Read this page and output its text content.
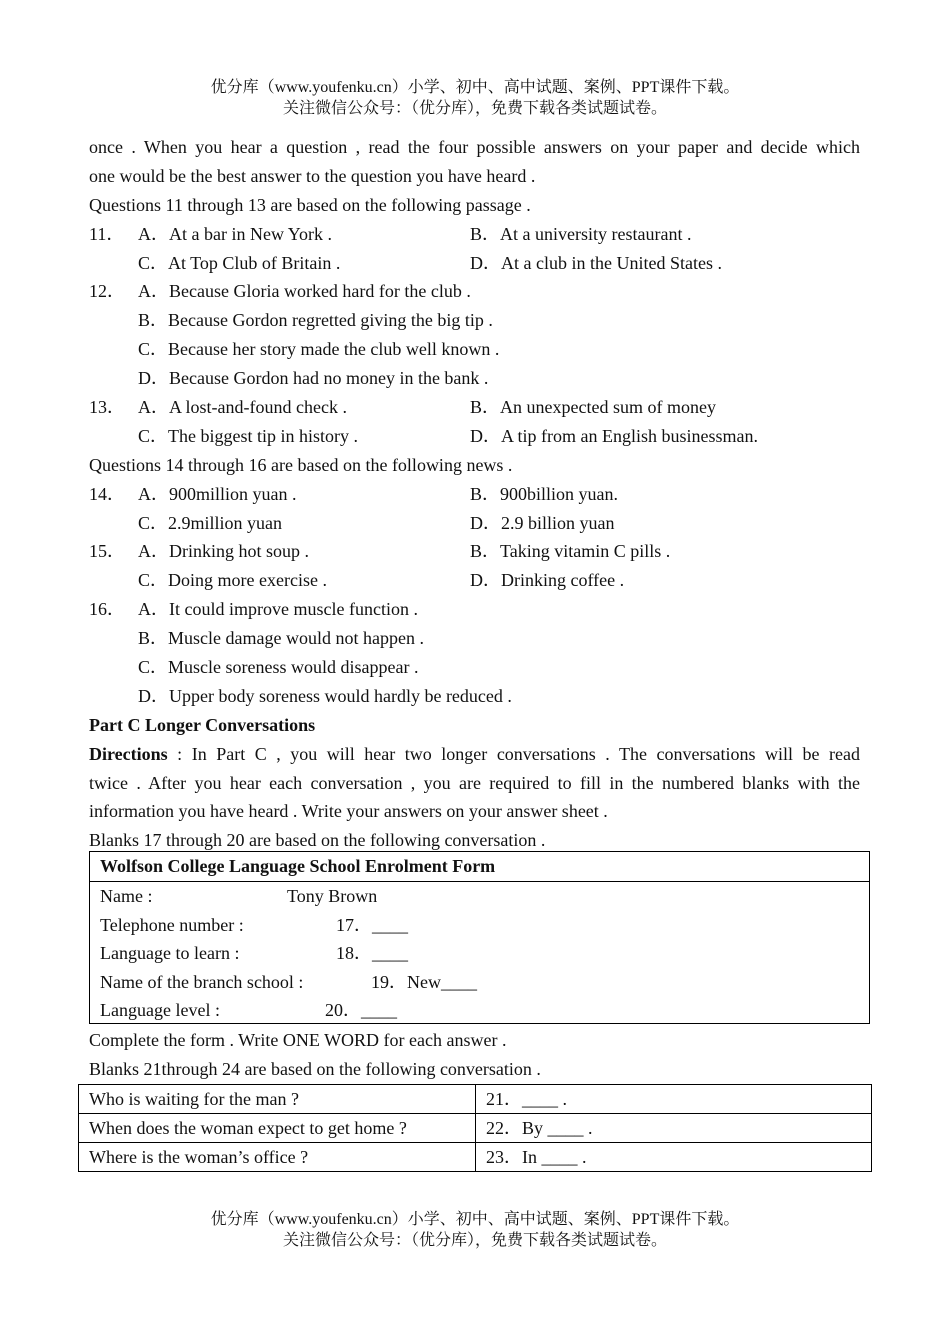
优分库（www.youfenku.cn）小学、初中、高中试题、案例、PPT课件下载。
关注微信公众号：（优分库），免费下载各类试题试卷。
once . When you hear a question , read the four possible answers on your paper and decide which
one would be the best answer to the question you have heard .
Questions 11 through 13 are based on the following passage .
11． A．At a bar in New York .	B．At a university restaurant .
C．At Top Club of Britain .	D．At a club in the United States .
12． A．Because Gloria worked hard for the club .
B．Because Gordon regretted giving the big tip .
C．Because her story made the club well known .
D．Because Gordon had no money in the bank .
13． A．A lost-and-found check .	B．An unexpected sum of money
C．The biggest tip in history .	D．A tip from an English businessman.
Questions 14 through 16 are based on the following news .
14． A．900million yuan .	B．900billion yuan.
C．2.9million yuan	D．2.9 billion yuan
15． A．Drinking hot soup .	B．Taking vitamin C pills .
C．Doing more exercise .	D．Drinking coffee .
16． A．It could improve muscle function .
B．Muscle damage would not happen .
C．Muscle soreness would disappear .
D．Upper body soreness would hardly be reduced .
Part C Longer Conversations
Directions : In Part C , you will hear two longer conversations . The conversations will be read
twice . After you hear each conversation , you are required to fill in the numbered blanks with the
information you have heard . Write your answers on your answer sheet .
Blanks 17 through 20 are based on the following conversation .
Wolfson College Language School Enrolment Form
Name :	Tony Brown
Telephone number :	17．____
Language to learn :	18．____
Name of the branch school :	19．New____
Language level :	20．____
Complete the form . Write ONE WORD for each answer .
Blanks 21through 24 are based on the following conversation .
Who is waiting for the man ?	21．____ .
When does the woman expect to get home ?	22．By ____ .
Where is the woman’s office ?	23．In ____ .
优分库（www.youfenku.cn）小学、初中、高中试题、案例、PPT课件下载。
关注微信公众号：（优分库），免费下载各类试题试卷。
